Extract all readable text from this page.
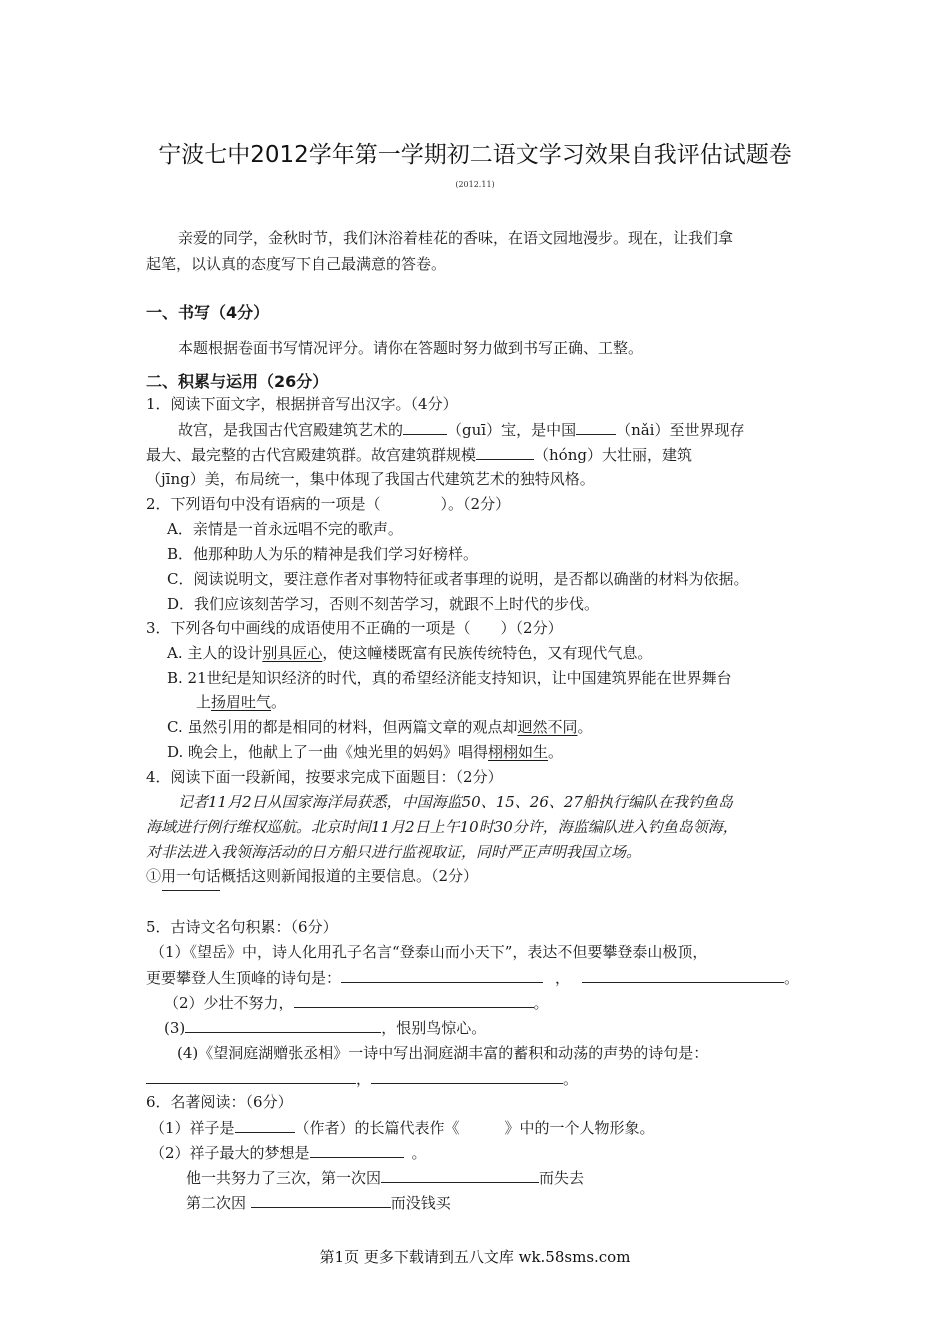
宁波七中2012学年第一学期初二语文学习效果自我评估试题卷
(2012.11)
亲爱的同学，金秋时节，我们沐浴着桂花的香味，在语文园地漫步。现在，让我们拿
起笔，以认真的态度写下自己最满意的答卷。
一、书写（4分）
本题根据卷面书写情况评分。请你在答题时努力做到书写正确、工整。
二、积累与运用（26分）
1．阅读下面文字，根据拼音写出汉字。（4分）
故宫，是我国古代宫殿建筑艺术的	（guī）宝，是中国	（nǎi）至世界现存
最大、最完整的古代宫殿建筑群。故宫建筑群规模	（hóng）大壮丽，建筑
（jīng）美，布局统一，集中体现了我国古代建筑艺术的独特风格。
2．下列语句中没有语病的一项是（　　　　）。（2分）
A．亲情是一首永远唱不完的歌声。
B．他那种助人为乐的精神是我们学习好榜样。
C．阅读说明文，要注意作者对事物特征或者事理的说明，是否都以确凿的材料为依据。
D．我们应该刻苦学习，否则不刻苦学习，就跟不上时代的步伐。
3．下列各句中画线的成语使用不正确的一项是（　　）（2分）
A. 主人的设计别具匠心，使这幢楼既富有民族传统特色，又有现代气息。
B. 21世纪是知识经济的时代，真的希望经济能支持知识，让中国建筑界能在世界舞台
上扬眉吐气。
C. 虽然引用的都是相同的材料，但两篇文章的观点却迥然不同。
D. 晚会上，他献上了一曲《烛光里的妈妈》唱得栩栩如生。
4．阅读下面一段新闻，按要求完成下面题目：（2分）
记者11月2日从国家海洋局获悉，中国海监50、15、26、27船执行编队在我钓鱼岛
海域进行例行维权巡航。北京时间11月2日上午10时30分许，海监编队进入钓鱼岛领海，
对非法进入我领海活动的日方船只进行监视取证，同时严正声明我国立场。
①用一句话概括这则新闻报道的主要信息。（2分）
5．古诗文名句积累：（6分）
（1）《望岳》中，诗人化用孔子名言“登泰山而小天下”，表达不但要攀登泰山极顶，
更要攀登人生顶峰的诗句是：	，	。
（2）少壮不努力，	。
(3)	，恨别鸟惊心。
(4)《望洞庭湖赠张丞相》一诗中写出洞庭湖丰富的蓄积和动荡的声势的诗句是：
，	。
6．名著阅读：（6分）
（1）祥子是	（作者）的长篇代表作《　　　》中的一个人物形象。
（2）祥子最大的梦想是	。
他一共努力了三次，第一次因	而失去
第二次因	而没钱买
第1页 更多下载请到五八文库 wk.58sms.com
